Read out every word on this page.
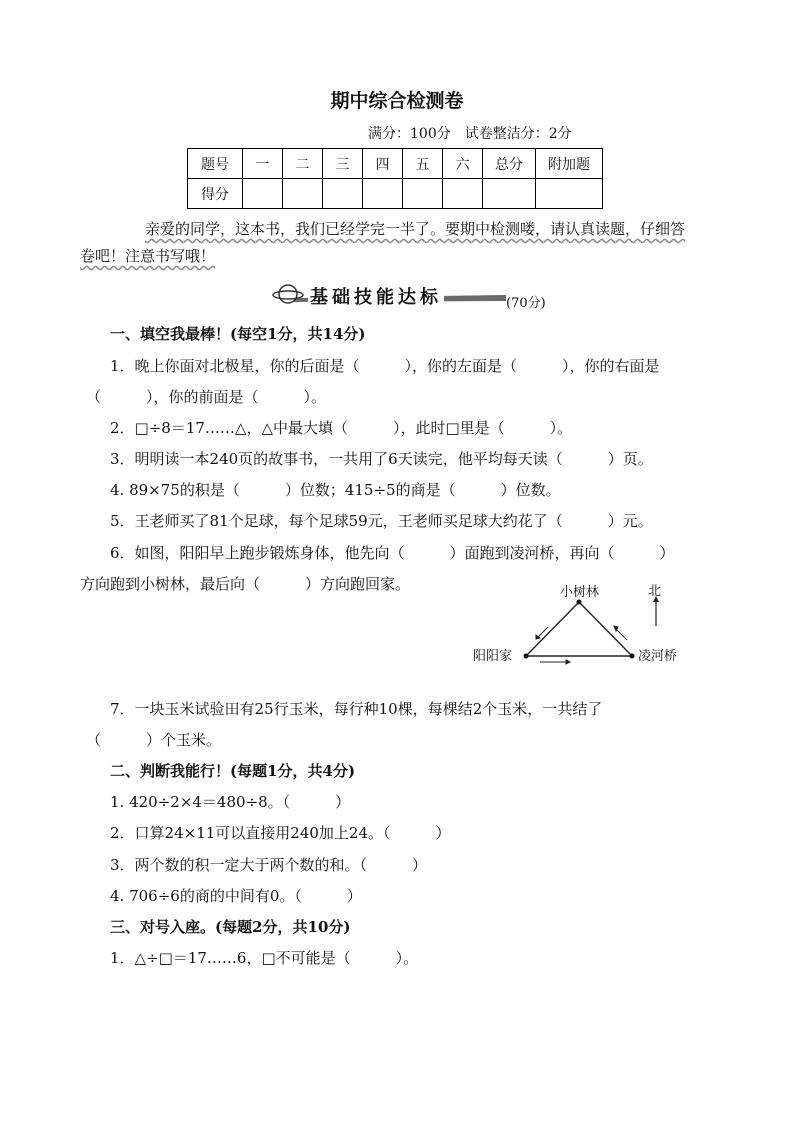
期中综合检测卷
满分：100分　试卷整洁分：2分
题号	一	二	三	四	五	六	总分	附加题
得分								
亲爱的同学，这本书，我们已经学完一半了。要期中检测喽，请认真读题，仔细答
卷吧！注意书写哦！
基础技能达标	(70分)
一、填空我最棒！(每空1分，共14分)
1．晚上你面对北极星，你的后面是（　　　），你的左面是（　　　），你的右面是
（　　　），你的前面是（　　　）。
2．□÷8＝17……△，△中最大填（　　　），此时□里是（　　　）。
3．明明读一本240页的故事书，一共用了6天读完，他平均每天读（　　　）页。
4. 89×75的积是（　　　）位数；415÷5的商是（　　　）位数。
5．王老师买了81个足球，每个足球59元，王老师买足球大约花了（　　　）元。
6．如图，阳阳早上跑步锻炼身体，他先向（　　　）面跑到凌河桥，再向（　　　）
方向跑到小树林，最后向（　　　）方向跑回家。	小树林
阳阳家	凌河桥
北
7．一块玉米试验田有25行玉米，每行种10棵，每棵结2个玉米，一共结了
（　　　）个玉米。
二、判断我能行！(每题1分，共4分)
1. 420÷2×4＝480÷8。（　　　）
2．口算24×11可以直接用240加上24。（　　　）
3．两个数的积一定大于两个数的和。（　　　）
4. 706÷6的商的中间有0。（　　　）
三、对号入座。(每题2分，共10分)
1．△÷□＝17……6，□不可能是（　　　）。
